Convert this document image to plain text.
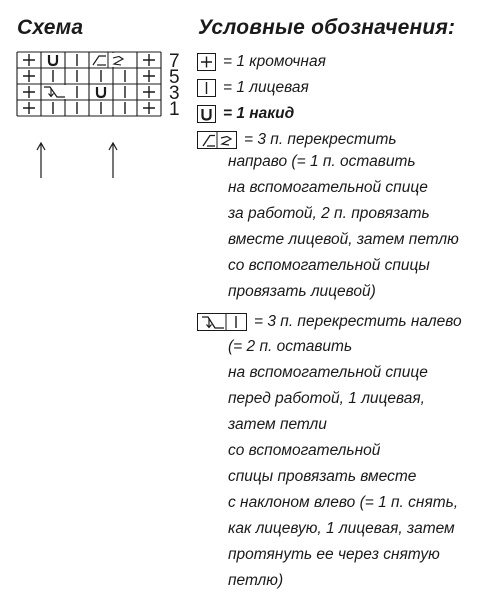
Схема	Условные обозначения:
7
5
3
1
= 1 кромочная
= 1 лицевая
= 1 накид
= 3 п. перекрестить
направо (= 1 п. оставить
на вспомогательной спице
за работой, 2 п. провязать
вместе лицевой, затем петлю
со вспомогательной спицы
провязать лицевой)
= 3 п. перекрестить налево
(= 2 п. оставить
на вспомогательной спице
перед работой, 1 лицевая,
затем петли
со вспомогательной
спицы провязать вместе
с наклоном влево (= 1 п. снять,
как лицевую, 1 лицевая, затем
протянуть ее через снятую
петлю)
